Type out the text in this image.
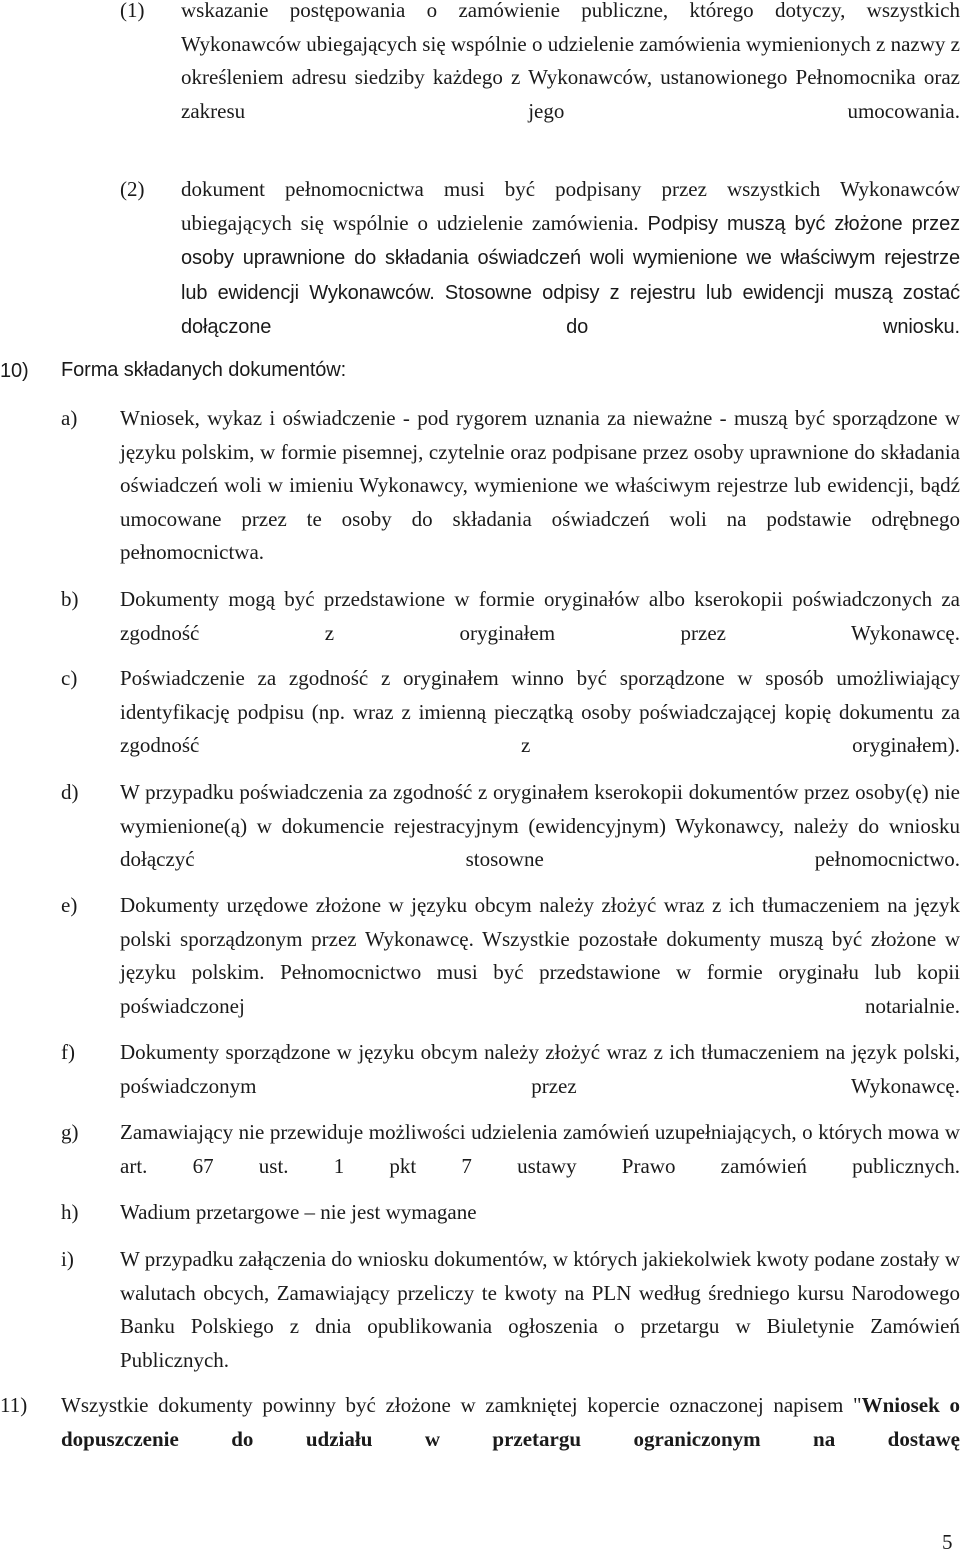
(1) wskazanie postępowania o zamówienie publiczne, którego dotyczy, wszystkich Wykonawców ubiegających się wspólnie o udzielenie zamówienia wymienionych z nazwy z określeniem adresu siedziby każdego z Wykonawców, ustanowionego Pełnomocnika oraz zakresu jego umocowania.
(2) dokument pełnomocnictwa musi być podpisany przez wszystkich Wykonawców ubiegających się wspólnie o udzielenie zamówienia. Podpisy muszą być złożone przez osoby uprawnione do składania oświadczeń woli wymienione we właściwym rejestrze lub ewidencji Wykonawców. Stosowne odpisy z rejestru lub ewidencji muszą zostać dołączone do wniosku.
10) Forma składanych dokumentów:
a) Wniosek, wykaz i oświadczenie - pod rygorem uznania za nieważne - muszą być sporządzone w języku polskim, w formie pisemnej, czytelnie oraz podpisane przez osoby uprawnione do składania oświadczeń woli w imieniu Wykonawcy, wymienione we właściwym rejestrze lub ewidencji, bądź umocowane przez te osoby do składania oświadczeń woli na podstawie odrębnego pełnomocnictwa.
b) Dokumenty mogą być przedstawione w formie oryginałów albo kserokopii poświadczonych za zgodność z oryginałem przez Wykonawcę.
c) Poświadczenie za zgodność z oryginałem winno być sporządzone w sposób umożliwiający identyfikację podpisu (np. wraz z imienną pieczątką osoby poświadczającej kopię dokumentu za zgodność z oryginałem).
d) W przypadku poświadczenia za zgodność z oryginałem kserokopii dokumentów przez osoby(ę) nie wymienione(ą) w dokumencie rejestracyjnym (ewidencyjnym) Wykonawcy, należy do wniosku dołączyć stosowne pełnomocnictwo.
e) Dokumenty urzędowe złożone w języku obcym należy złożyć wraz z ich tłumaczeniem na język polski sporządzonym przez Wykonawcę. Wszystkie pozostałe dokumenty muszą być złożone w języku polskim. Pełnomocnictwo musi być przedstawione w formie oryginału lub kopii poświadczonej notarialnie.
f) Dokumenty sporządzone w języku obcym należy złożyć wraz z ich tłumaczeniem na język polski, poświadczonym przez Wykonawcę.
g) Zamawiający nie przewiduje możliwości udzielenia zamówień uzupełniających, o których mowa w art. 67 ust. 1 pkt 7 ustawy Prawo zamówień publicznych.
h) Wadium przetargowe – nie jest wymagane
i) W przypadku załączenia do wniosku dokumentów, w których jakiekolwiek kwoty podane zostały w walutach obcych, Zamawiający przeliczy te kwoty na PLN według średniego kursu Narodowego Banku Polskiego z dnia opublikowania ogłoszenia o przetargu w Biuletynie Zamówień Publicznych.
11) Wszystkie dokumenty powinny być złożone w zamkniętej kopercie oznaczonej napisem "Wniosek o dopuszczenie do udziału w przetargu ograniczonym na dostawę
5
